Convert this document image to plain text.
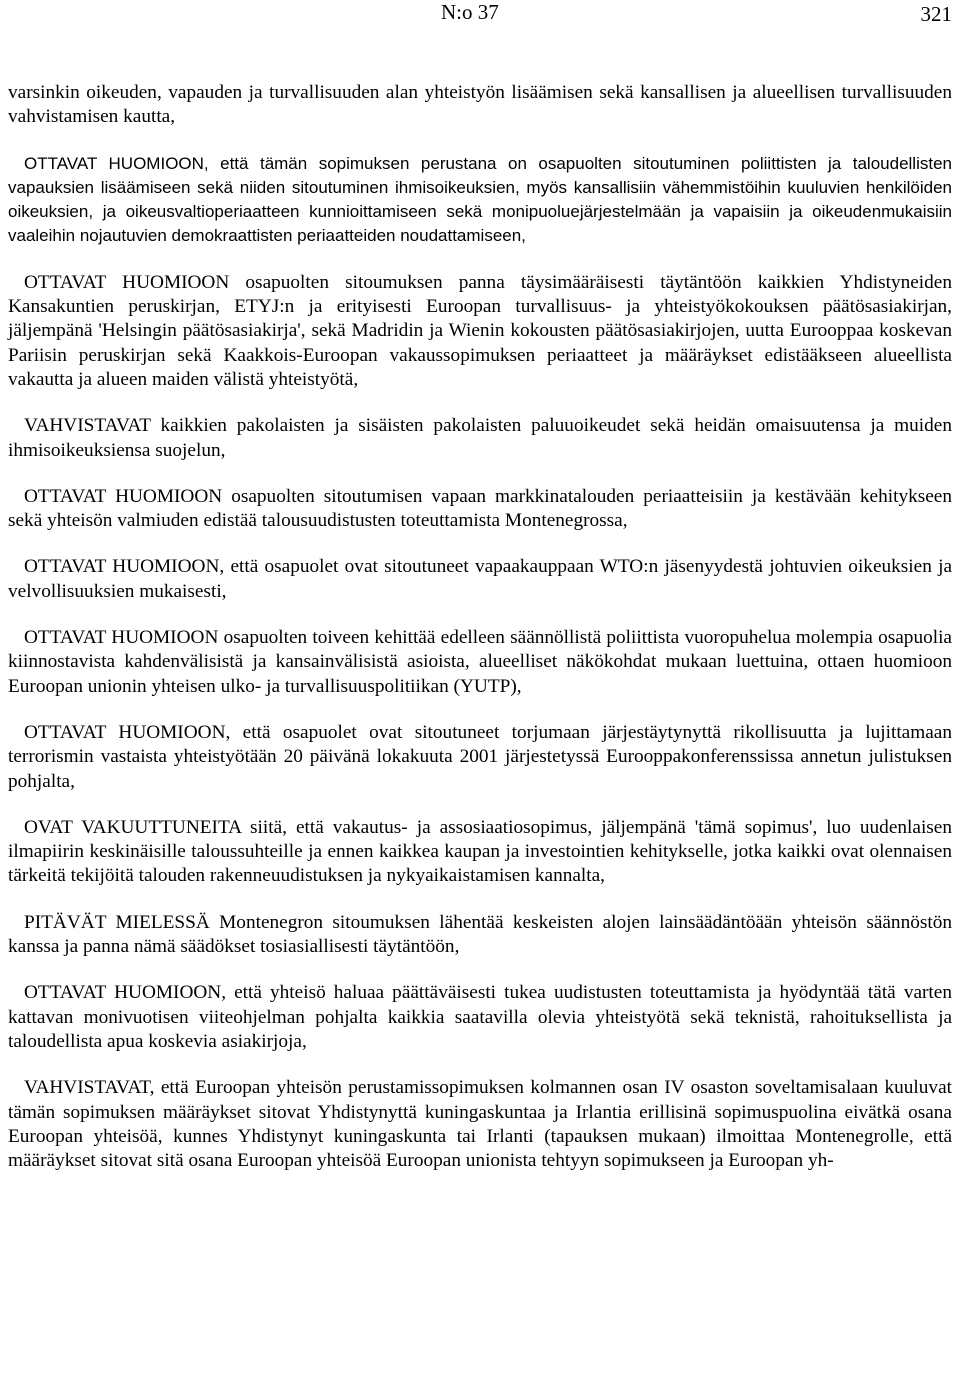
N:o 37	321

varsinkin oikeuden, vapauden ja turvallisuuden alan yhteistyön lisäämisen sekä kansallisen ja alueellisen turvallisuuden vahvistamisen kautta,

OTTAVAT HUOMIOON, että tämän sopimuksen perustana on osapuolten sitoutuminen poliittisten ja taloudellisten vapauksien lisäämiseen sekä niiden sitoutuminen ihmisoikeuksien, myös kansallisiin vähemmistöihin kuuluvien henkilöiden oikeuksien, ja oikeusvaltioperiaatteen kunnioittamiseen sekä monipuoluejärjestelmään ja vapaisiin ja oikeudenmukaisiin vaaleihin nojautuvien demokraattisten periaatteiden noudattamiseen,

OTTAVAT HUOMIOON osapuolten sitoumuksen panna täysimääräisesti täytäntöön kaikkien Yhdistyneiden Kansakuntien peruskirjan, ETYJ:n ja erityisesti Euroopan turvallisuus- ja yhteistyökokouksen päätösasiakirjan, jäljempänä 'Helsingin päätösasiakirja', sekä Madridin ja Wienin kokousten päätösasiakirjojen, uutta Eurooppaa koskevan Pariisin peruskirjan sekä Kaakkois-Euroopan vakaussopimuksen periaatteet ja määräykset edistääkseen alueellista vakautta ja alueen maiden välistä yhteistyötä,

VAHVISTAVAT kaikkien pakolaisten ja sisäisten pakolaisten paluuoikeudet sekä heidän omaisuutensa ja muiden ihmisoikeuksiensa suojelun,

OTTAVAT HUOMIOON osapuolten sitoutumisen vapaan markkinatalouden periaatteisiin ja kestävään kehitykseen sekä yhteisön valmiuden edistää talousuudistusten toteuttamista Montenegrossa,

OTTAVAT HUOMIOON, että osapuolet ovat sitoutuneet vapaakauppaan WTO:n jäsenyydestä johtuvien oikeuksien ja velvollisuuksien mukaisesti,

OTTAVAT HUOMIOON osapuolten toiveen kehittää edelleen säännöllistä poliittista vuoropuhelua molempia osapuolia kiinnostavista kahdenvälisistä ja kansainvälisistä asioista, alueelliset näkökohdat mukaan luettuina, ottaen huomioon Euroopan unionin yhteisen ulko- ja turvallisuuspolitiikan (YUTP),

OTTAVAT HUOMIOON, että osapuolet ovat sitoutuneet torjumaan järjestäytynyttä rikollisuutta ja lujittamaan terrorismin vastaista yhteistyötään 20 päivänä lokakuuta 2001 järjestetyssä Eurooppakonferenssissa annetun julistuksen pohjalta,

OVAT VAKUUTTUNEITA siitä, että vakautus- ja assosiaatiosopimus, jäljempänä 'tämä sopimus', luo uudenlaisen ilmapiirin keskinäisille taloussuhteille ja ennen kaikkea kaupan ja investointien kehitykselle, jotka kaikki ovat olennaisen tärkeitä tekijöitä talouden rakenneuudistuksen ja nykyaikaistamisen kannalta,

PITÄVÄT MIELESSÄ Montenegron sitoumuksen lähentää keskeisten alojen lainsäädäntöään yhteisön säännöstön kanssa ja panna nämä säädökset tosiasiallisesti täytäntöön,

OTTAVAT HUOMIOON, että yhteisö haluaa päättäväisesti tukea uudistusten toteuttamista ja hyödyntää tätä varten kattavan monivuotisen viiteohjelman pohjalta kaikkia saatavilla olevia yhteistyötä sekä teknistä, rahoituksellista ja taloudellista apua koskevia asiakirjoja,

VAHVISTAVAT, että Euroopan yhteisön perustamissopimuksen kolmannen osan IV osaston soveltamisalaan kuuluvat tämän sopimuksen määräykset sitovat Yhdistynyttä kuningaskuntaa ja Irlantia erillisinä sopimuspuolina eivätkä osana Euroopan yhteisöä, kunnes Yhdistynyt kuningaskunta tai Irlanti (tapauksen mukaan) ilmoittaa Montenegrolle, että määräykset sitovat sitä osana Euroopan yhteisöä Euroopan unionista tehtyyn sopimukseen ja Euroopan yh-
